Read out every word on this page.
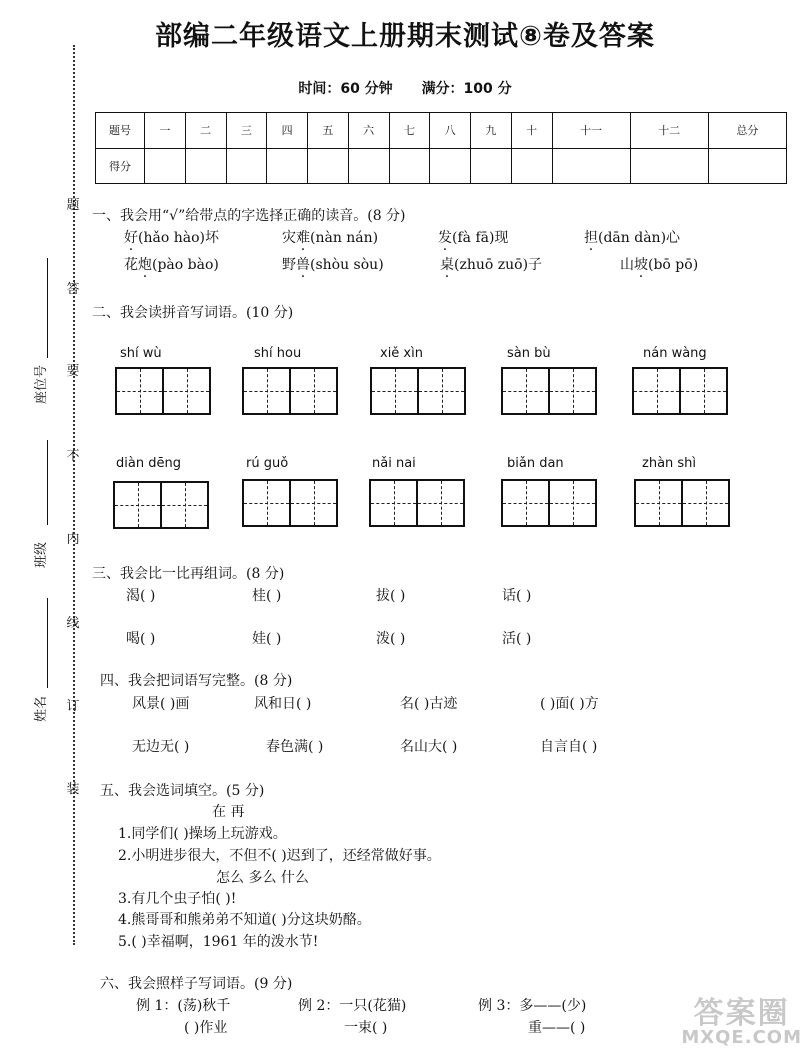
部编二年级语文上册期末测试⑧卷及答案
时间：60 分钟 满分：100 分
题号	一	二	三	四	五	六	七	八	九	十	十一	十二	总分
得分													
题
答
要
不
内
线
订
装
座位号
班级
姓名
一、我会用“√”给带点的字选择正确的读音。(8 分)
好(hǎo hào)坏	灾难(nàn nán)	发(fà fā)现	担(dān dàn)心
花炮(pào bào)	野兽(shòu sòu)	桌(zhuō zuō)子	山坡(bō pō)
二、我会读拼音写词语。(10 分)
shí wù	shí hou	xiě xìn	sàn bù	nán wàng
diàn dēng	rú guǒ	nǎi nai	biǎn dan	zhàn shì
三、我会比一比再组词。(8 分)
渴( )	桂( )	拔( )	话( )
喝( )	娃( )	泼( )	活( )
四、我会把词语写完整。(8 分)
风景( )画	风和日( )	名( )古迹	( )面( )方
无边无( )	春色满( )	名山大( )	自言自( )
五、我会选词填空。(5 分)
在 再
1.同学们( )操场上玩游戏。
2.小明进步很大，不但不( )迟到了，还经常做好事。
怎么 多么 什么
3.有几个虫子怕( )!
4.熊哥哥和熊弟弟不知道( )分这块奶酪。
5.( )幸福啊，1961 年的泼水节!
六、我会照样子写词语。(9 分)
例 1：(荡)秋千	例 2：一只(花猫)	例 3：多——(少)
( )作业	一束( )	重——( )	答案圈
MXQE.COM
